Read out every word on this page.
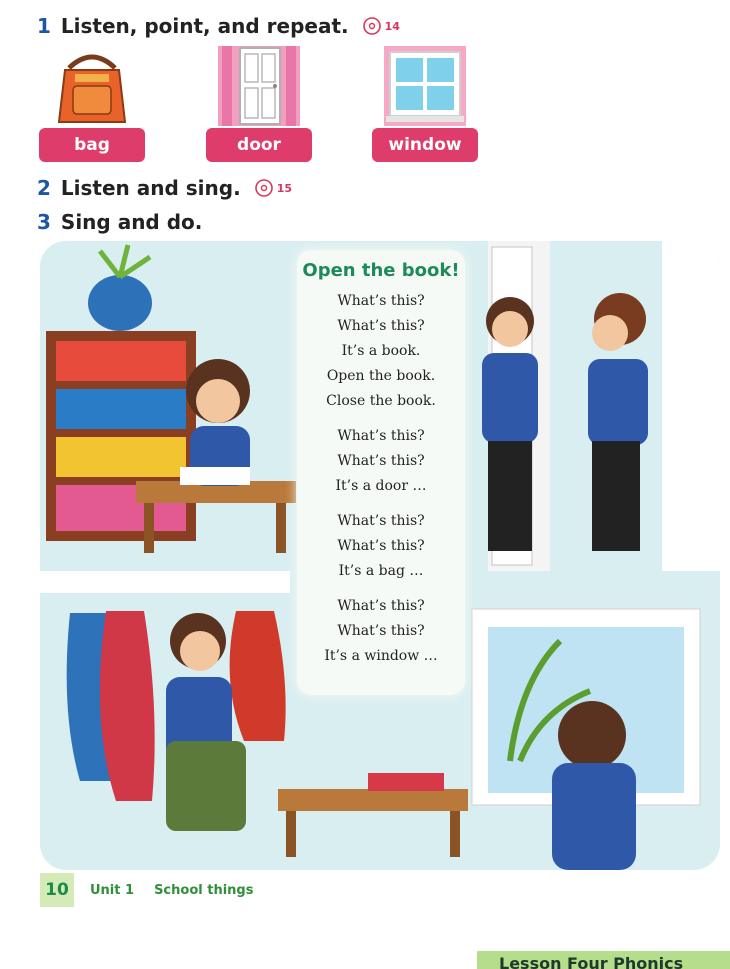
1 Listen, point, and repeat.	14
2 Listen and sing.	15
3 Sing and do.
bag	door	window
Open the book!
What’s this?
What’s this?
It’s a book.
Open the book.
Close the book.
What’s this?
What’s this?
It’s a door …
What’s this?
What’s this?
It’s a bag …
What’s this?
What’s this?
It’s a window …
10	Unit 1 School things
Lesson Four Phonics
